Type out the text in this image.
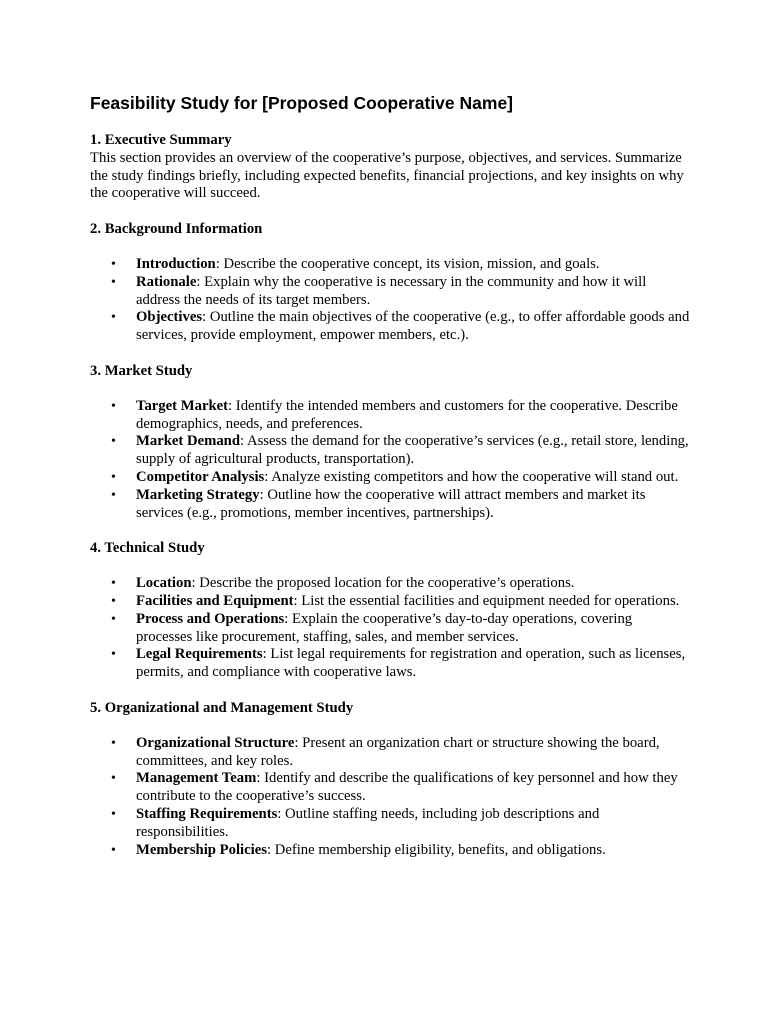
Feasibility Study for [Proposed Cooperative Name]

1. Executive Summary

This section provides an overview of the cooperative’s purpose, objectives, and services. Summarize the study findings briefly, including expected benefits, financial projections, and key insights on why the cooperative will succeed.

2. Background Information

• Introduction: Describe the cooperative concept, its vision, mission, and goals.
• Rationale: Explain why the cooperative is necessary in the community and how it will address the needs of its target members.
• Objectives: Outline the main objectives of the cooperative (e.g., to offer affordable goods and services, provide employment, empower members, etc.).

3. Market Study

• Target Market: Identify the intended members and customers for the cooperative. Describe demographics, needs, and preferences.
• Market Demand: Assess the demand for the cooperative’s services (e.g., retail store, lending, supply of agricultural products, transportation).
• Competitor Analysis: Analyze existing competitors and how the cooperative will stand out.
• Marketing Strategy: Outline how the cooperative will attract members and market its services (e.g., promotions, member incentives, partnerships).

4. Technical Study

• Location: Describe the proposed location for the cooperative’s operations.
• Facilities and Equipment: List the essential facilities and equipment needed for operations.
• Process and Operations: Explain the cooperative’s day-to-day operations, covering processes like procurement, staffing, sales, and member services.
• Legal Requirements: List legal requirements for registration and operation, such as licenses, permits, and compliance with cooperative laws.

5. Organizational and Management Study

• Organizational Structure: Present an organization chart or structure showing the board, committees, and key roles.
• Management Team: Identify and describe the qualifications of key personnel and how they contribute to the cooperative’s success.
• Staffing Requirements: Outline staffing needs, including job descriptions and responsibilities.
• Membership Policies: Define membership eligibility, benefits, and obligations.
